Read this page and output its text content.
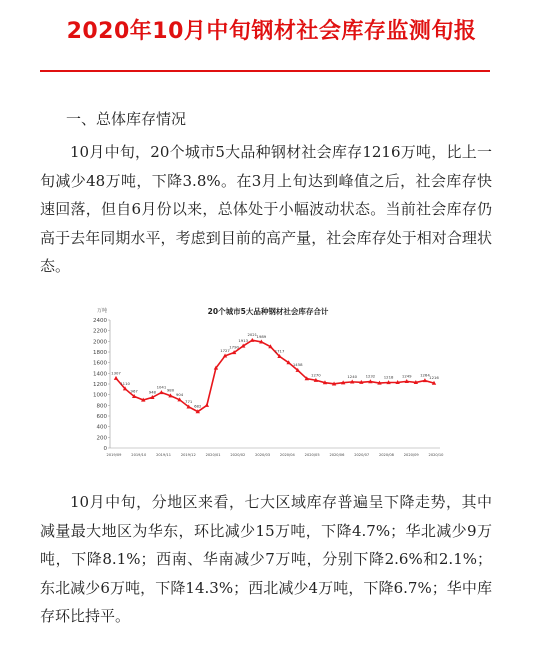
2020年10月中旬钢材社会库存监测旬报
一、总体库存情况
10月中旬，20个城市5大品种钢材社会库存1216万吨，比上一旬减少48万吨，下降3.8%。在3月上旬达到峰值之后，社会库存快速回落，但自6月份以来，总体处于小幅波动状态。当前社会库存仍高于去年同期水平，考虑到目前的高产量，社会库存处于相对合理状态。
20个城市5大品种钢材社会库存合计
万吨
0
200
400
600
800
1000
1200
1400
1600
1800
2000
2200
2400
2019/09	2019/10	2019/11	2019/12	2020/01	2020/02	2020/03	2020/04	2020/05	2020/06	2020/07	2020/08	2020/09	2020/10
1307
1110
967	948
1041
980
904
771
682
1727
1790
1913
2021 1989
1717
1458
1270	1240 1232 1218 1249 1264
1216
10月中旬，分地区来看，七大区域库存普遍呈下降走势，其中减量最大地区为华东，环比减少15万吨，下降4.7%；华北减少9万吨，下降8.1%；西南、华南减少7万吨，分别下降2.6%和2.1%；东北减少6万吨，下降14.3%；西北减少4万吨，下降6.7%；华中库存环比持平。
